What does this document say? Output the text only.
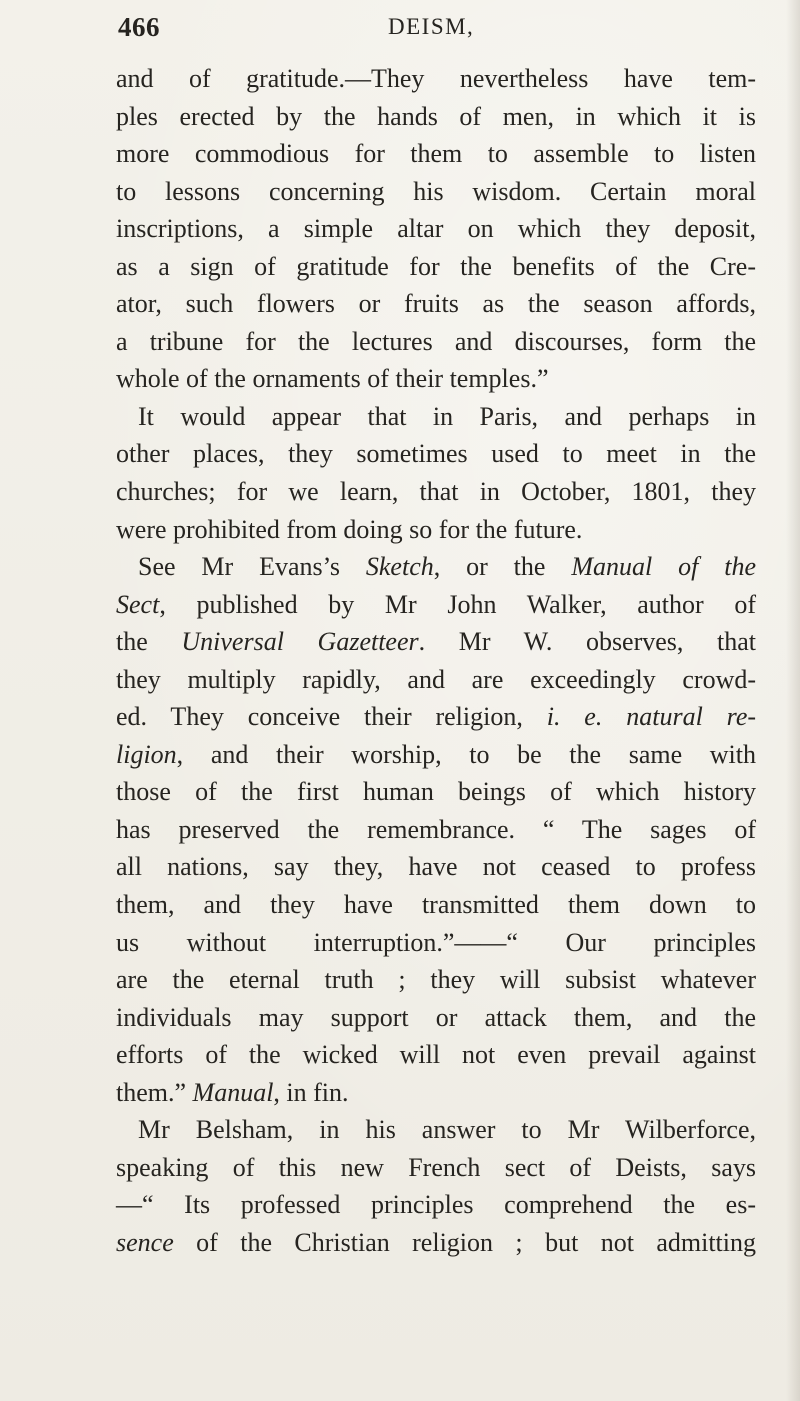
466	DEISM,
and of gratitude.—They nevertheless have tem-
ples erected by the hands of men, in which it is
more commodious for them to assemble to listen
to lessons concerning his wisdom. Certain moral
inscriptions, a simple altar on which they deposit,
as a sign of gratitude for the benefits of the Cre-
ator, such flowers or fruits as the season affords,
a tribune for the lectures and discourses, form the
whole of the ornaments of their temples.”
It would appear that in Paris, and perhaps in
other places, they sometimes used to meet in the
churches; for we learn, that in October, 1801, they
were prohibited from doing so for the future.
See Mr Evans’s Sketch, or the Manual of the
Sect, published by Mr John Walker, author of
the Universal Gazetteer. Mr W. observes, that
they multiply rapidly, and are exceedingly crowd-
ed. They conceive their religion, i. e. natural re-
ligion, and their worship, to be the same with
those of the first human beings of which history
has preserved the remembrance. “ The sages of
all nations, say they, have not ceased to profess
them, and they have transmitted them down to
us without interruption.”——“ Our principles
are the eternal truth ; they will subsist whatever
individuals may support or attack them, and the
efforts of the wicked will not even prevail against
them.” Manual, in fin.
Mr Belsham, in his answer to Mr Wilberforce,
speaking of this new French sect of Deists, says
—“ Its professed principles comprehend the es-
sence of the Christian religion ; but not admitting
